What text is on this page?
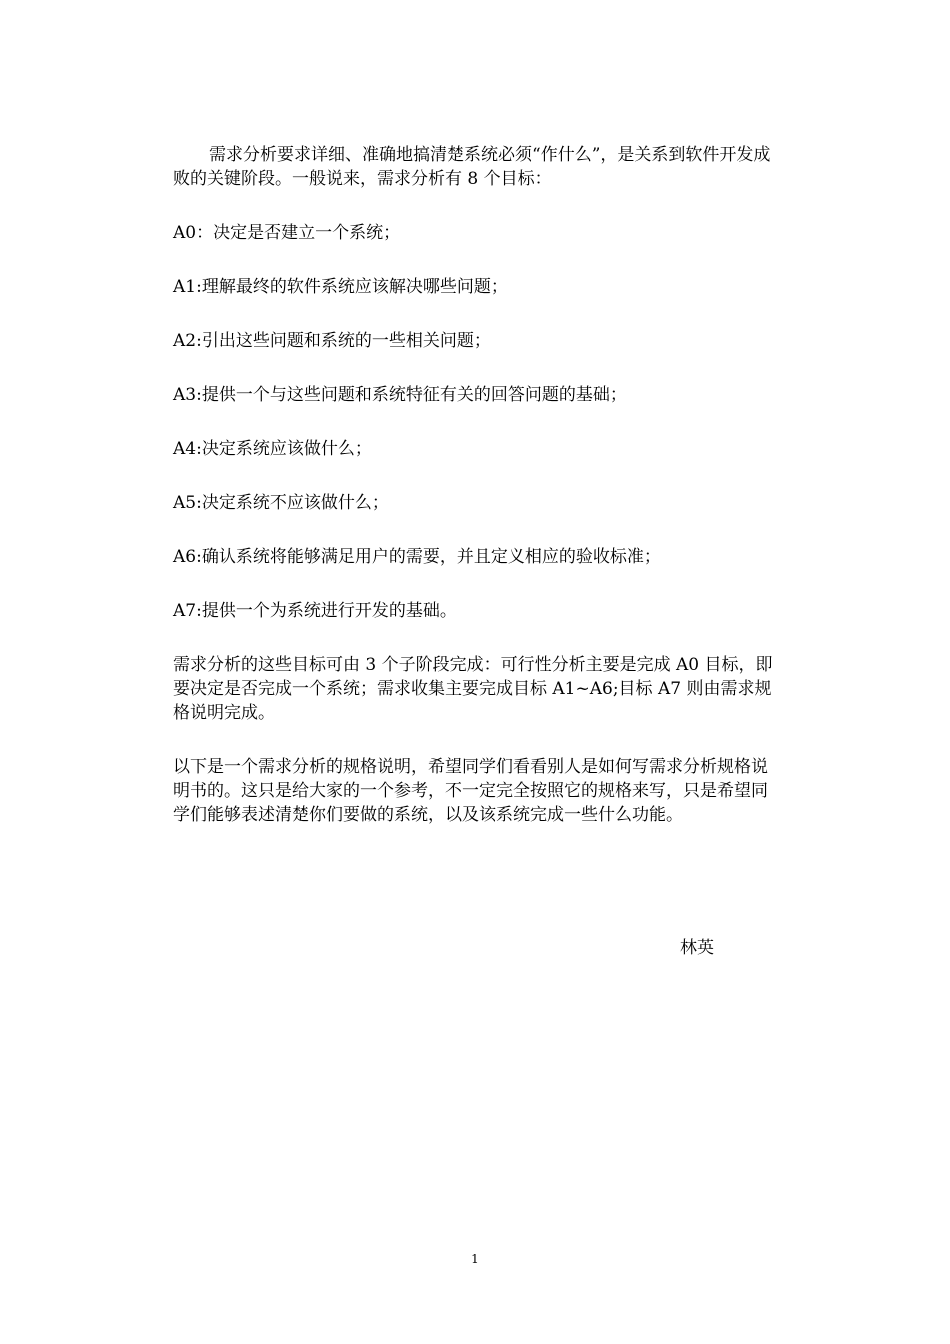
需求分析要求详细、准确地搞清楚系统必须“作什么”，是关系到软件开发成败的关键阶段。一般说来，需求分析有 8 个目标：

A0：决定是否建立一个系统；

A1:理解最终的软件系统应该解决哪些问题；

A2:引出这些问题和系统的一些相关问题；

A3:提供一个与这些问题和系统特征有关的回答问题的基础；

A4:决定系统应该做什么；

A5:决定系统不应该做什么；

A6:确认系统将能够满足用户的需要，并且定义相应的验收标准；

A7:提供一个为系统进行开发的基础。

需求分析的这些目标可由 3 个子阶段完成：可行性分析主要是完成 A0 目标，即要决定是否完成一个系统；需求收集主要完成目标 A1~A6;目标 A7 则由需求规格说明完成。

以下是一个需求分析的规格说明，希望同学们看看别人是如何写需求分析规格说明书的。这只是给大家的一个参考，不一定完全按照它的规格来写，只是希望同学们能够表述清楚你们要做的系统，以及该系统完成一些什么功能。

林英
1
